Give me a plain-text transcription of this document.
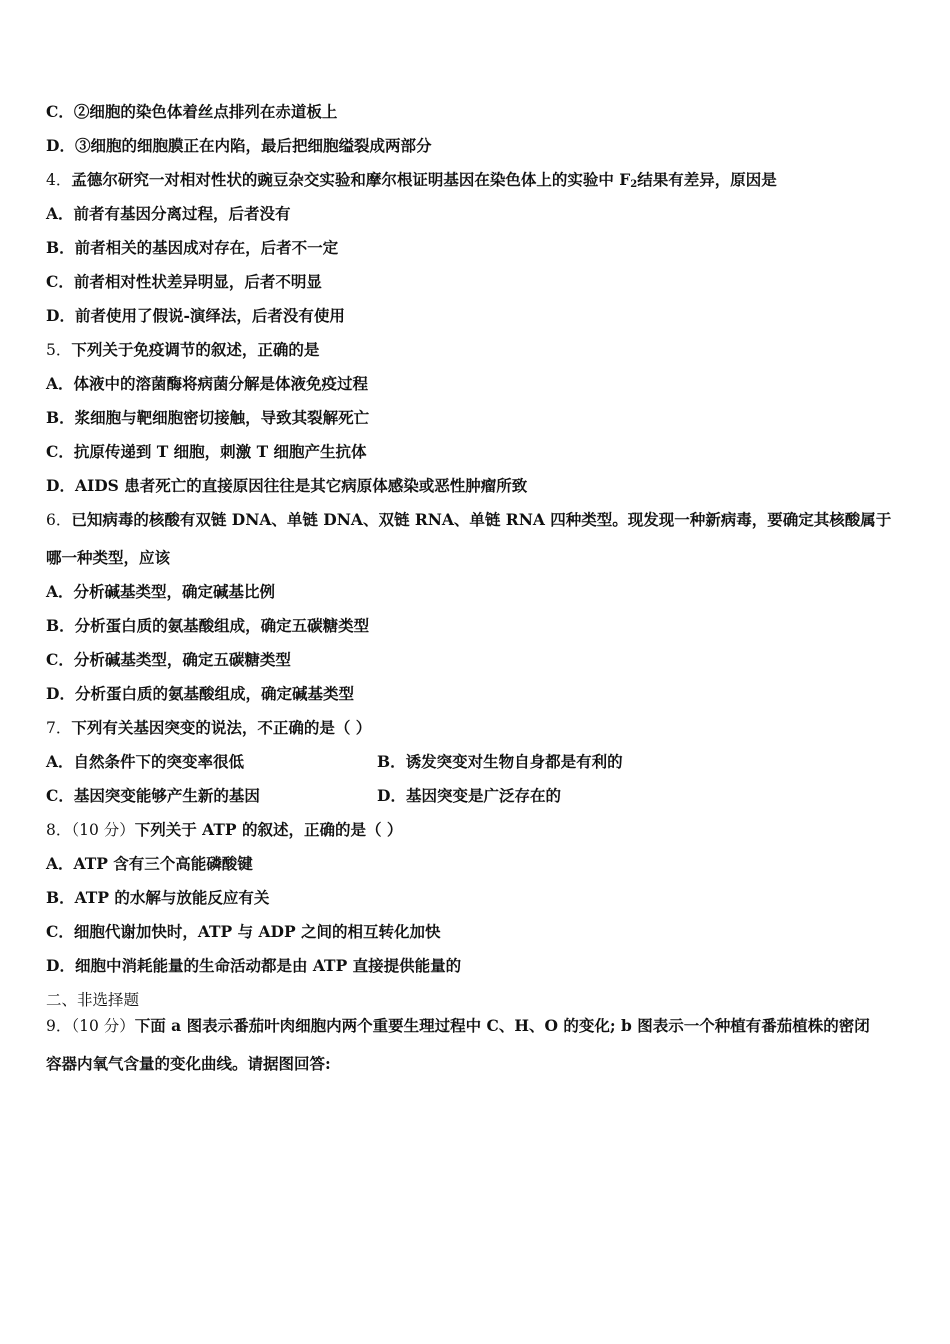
C．②细胞的染色体着丝点排列在赤道板上
D．③细胞的细胞膜正在内陷，最后把细胞缢裂成两部分
4．孟德尔研究一对相对性状的豌豆杂交实验和摩尔根证明基因在染色体上的实验中 $F_2$结果有差异，原因是
A．前者有基因分离过程，后者没有
B．前者相关的基因成对存在，后者不一定
C．前者相对性状差异明显，后者不明显
D．前者使用了假说-演绎法，后者没有使用
5．下列关于免疫调节的叙述，正确的是
A．体液中的溶菌酶将病菌分解是体液免疫过程
B．浆细胞与靶细胞密切接触，导致其裂解死亡
C．抗原传递到 T 细胞，刺激 T 细胞产生抗体
D．AIDS 患者死亡的直接原因往往是其它病原体感染或恶性肿瘤所致
6．已知病毒的核酸有双链 DNA、单链 DNA、双链 RNA、单链 RNA 四种类型。现发现一种新病毒，要确定其核酸属于
哪一种类型，应该
A．分析碱基类型，确定碱基比例
B．分析蛋白质的氨基酸组成，确定五碳糖类型
C．分析碱基类型，确定五碳糖类型
D．分析蛋白质的氨基酸组成，确定碱基类型
7．下列有关基因突变的说法，不正确的是（ ）
A．自然条件下的突变率很低	B．诱发突变对生物自身都是有利的
C．基因突变能够产生新的基因	D．基因突变是广泛存在的
8．（10 分）下列关于 ATP 的叙述，正确的是（ ）
A．ATP 含有三个高能磷酸键
B．ATP 的水解与放能反应有关
C．细胞代谢加快时，ATP 与 ADP 之间的相互转化加快
D．细胞中消耗能量的生命活动都是由 ATP 直接提供能量的
二、非选择题
9．（10 分）下面 a 图表示番茄叶肉细胞内两个重要生理过程中 C、H、O 的变化; b 图表示一个种植有番茄植株的密闭
容器内氧气含量的变化曲线。请据图回答:
